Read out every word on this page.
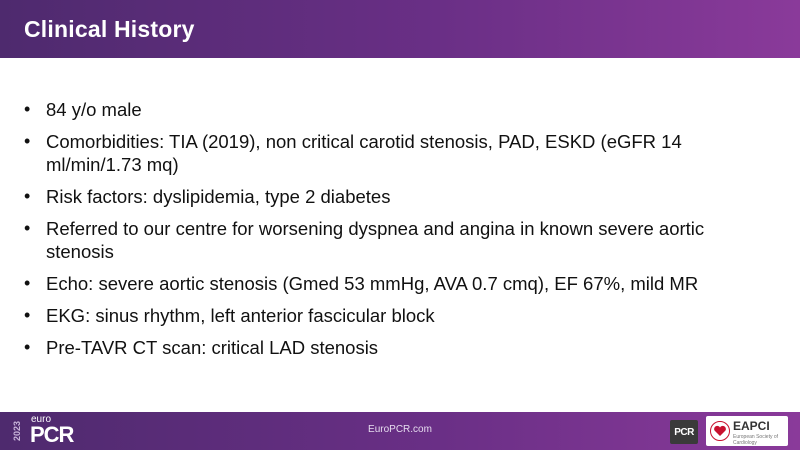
Clinical History
• 84 y/o male
• Comorbidities: TIA (2019), non critical carotid stenosis, PAD, ESKD (eGFR 14 ml/min/1.73 mq)
• Risk factors: dyslipidemia, type 2 diabetes
• Referred to our centre for worsening dyspnea and angina in known severe aortic stenosis
• Echo: severe aortic stenosis (Gmed 53 mmHg, AVA 0.7 cmq), EF 67%, mild MR
• EKG: sinus rhythm, left anterior fascicular block
• Pre-TAVR CT scan: critical LAD stenosis
2023
euro
PCR	EuroPCR.com	PCR	EAPCI
European Society of Cardiology
